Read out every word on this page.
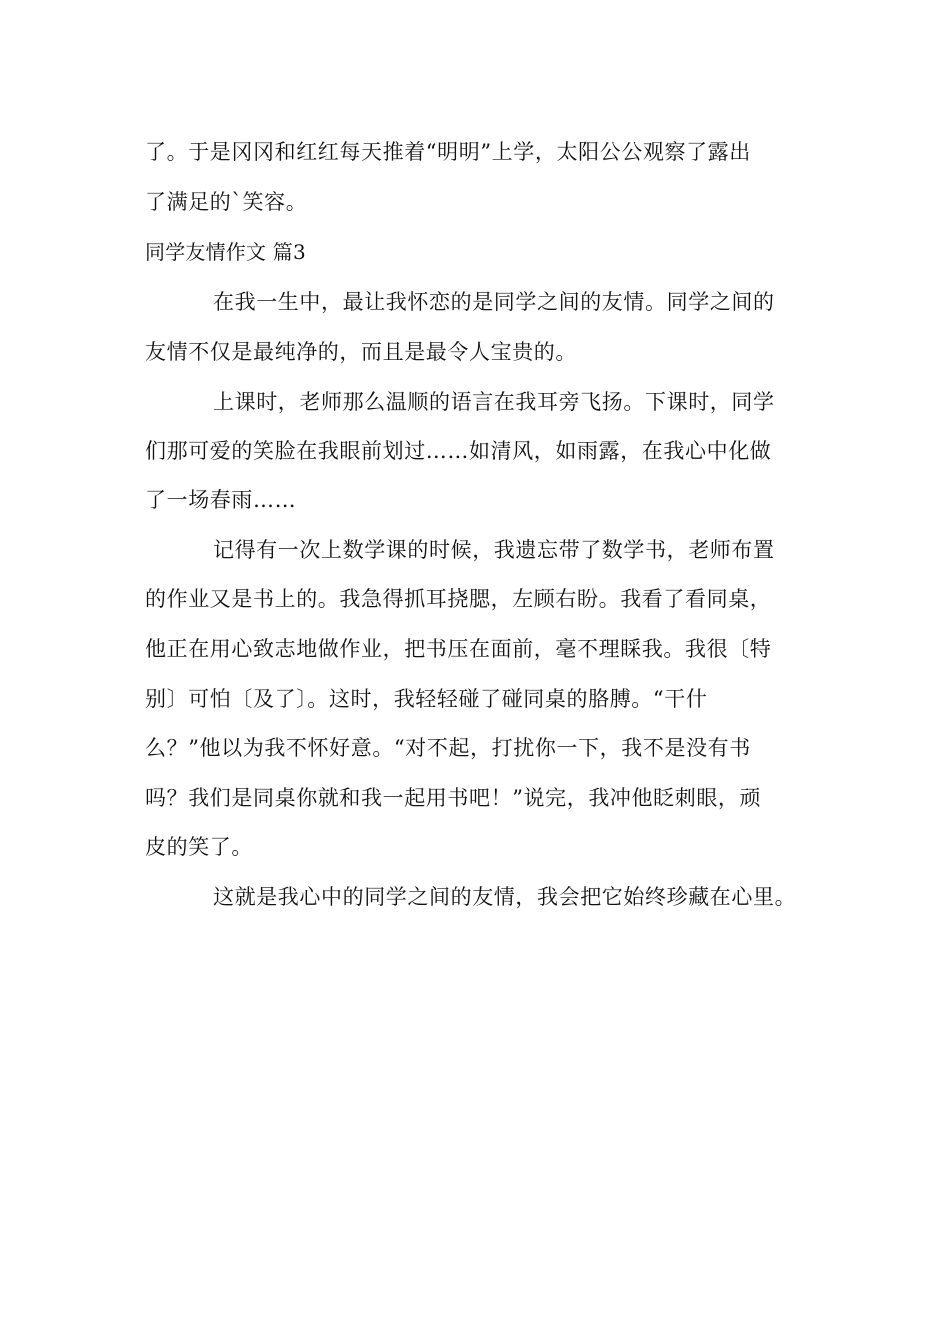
了。于是冈冈和红红每天推着“明明”上学，太阳公公观察了露出
了满足的`笑容。
同学友情作文 篇3
在我一生中，最让我怀恋的是同学之间的友情。同学之间的
友情不仅是最纯净的，而且是最令人宝贵的。
上课时，老师那么温顺的语言在我耳旁飞扬。下课时，同学
们那可爱的笑脸在我眼前划过……如清风，如雨露，在我心中化做
了一场春雨……
记得有一次上数学课的时候，我遗忘带了数学书，老师布置
的作业又是书上的。我急得抓耳挠腮，左顾右盼。我看了看同桌，
他正在用心致志地做作业，把书压在面前，毫不理睬我。我很〔特
别〕可怕〔及了〕。这时，我轻轻碰了碰同桌的胳膊。“干什
么？”他以为我不怀好意。“对不起，打扰你一下，我不是没有书
吗？我们是同桌你就和我一起用书吧！”说完，我冲他眨刺眼，顽
皮的笑了。
这就是我心中的同学之间的友情，我会把它始终珍藏在心里。
